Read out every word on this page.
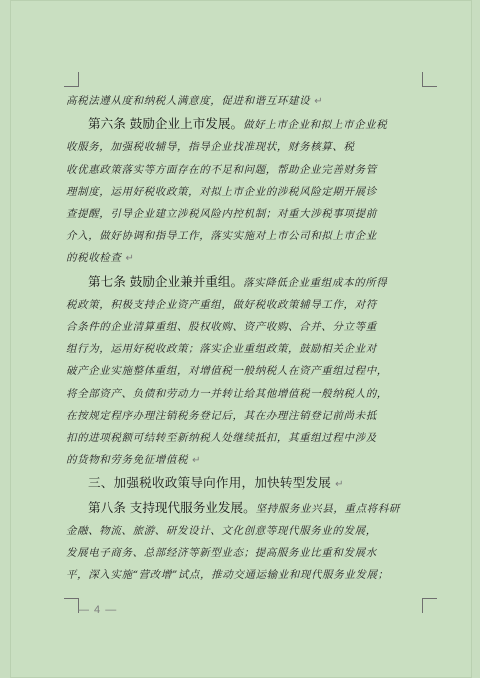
高税法遵从度和纳税人满意度，促进和谐互环建设 ↵
第六条 鼓励企业上市发展。做好上市企业和拟上市企业税
收服务，加强税收辅导，指导企业找准现状，财务核算、税
收优惠政策落实等方面存在的不足和问题，帮助企业完善财务管
理制度，运用好税收政策，对拟上市企业的涉税风险定期开展诊
查提醒，引导企业建立涉税风险内控机制；对重大涉税事项提前
介入，做好协调和指导工作，落实实施对上市公司和拟上市企业
的税收检查 ↵
第七条 鼓励企业兼并重组。落实降低企业重组成本的所得
税政策，积极支持企业资产重组，做好税收政策辅导工作，对符
合条件的企业清算重组、股权收购、资产收购、合并、分立等重
组行为，运用好税收政策；落实企业重组政策，鼓励相关企业对
破产企业实施整体重组，对增值税一般纳税人在资产重组过程中，
将全部资产、负债和劳动力一并转让给其他增值税一般纳税人的，
在按规定程序办理注销税务登记后，其在办理注销登记前尚未抵
扣的进项税额可结转至新纳税人处继续抵扣，其重组过程中涉及
的货物和劳务免征增值税 ↵
三、加强税收政策导向作用，加快转型发展 ↵
第八条 支持现代服务业发展。坚持服务业兴县，重点将科研
金融、物流、旅游、研发设计、文化创意等现代服务业的发展，
发展电子商务、总部经济等新型业态；提高服务业比重和发展水
平，深入实施“营改增”试点，推动交通运输业和现代服务业发展；
— 4 —
